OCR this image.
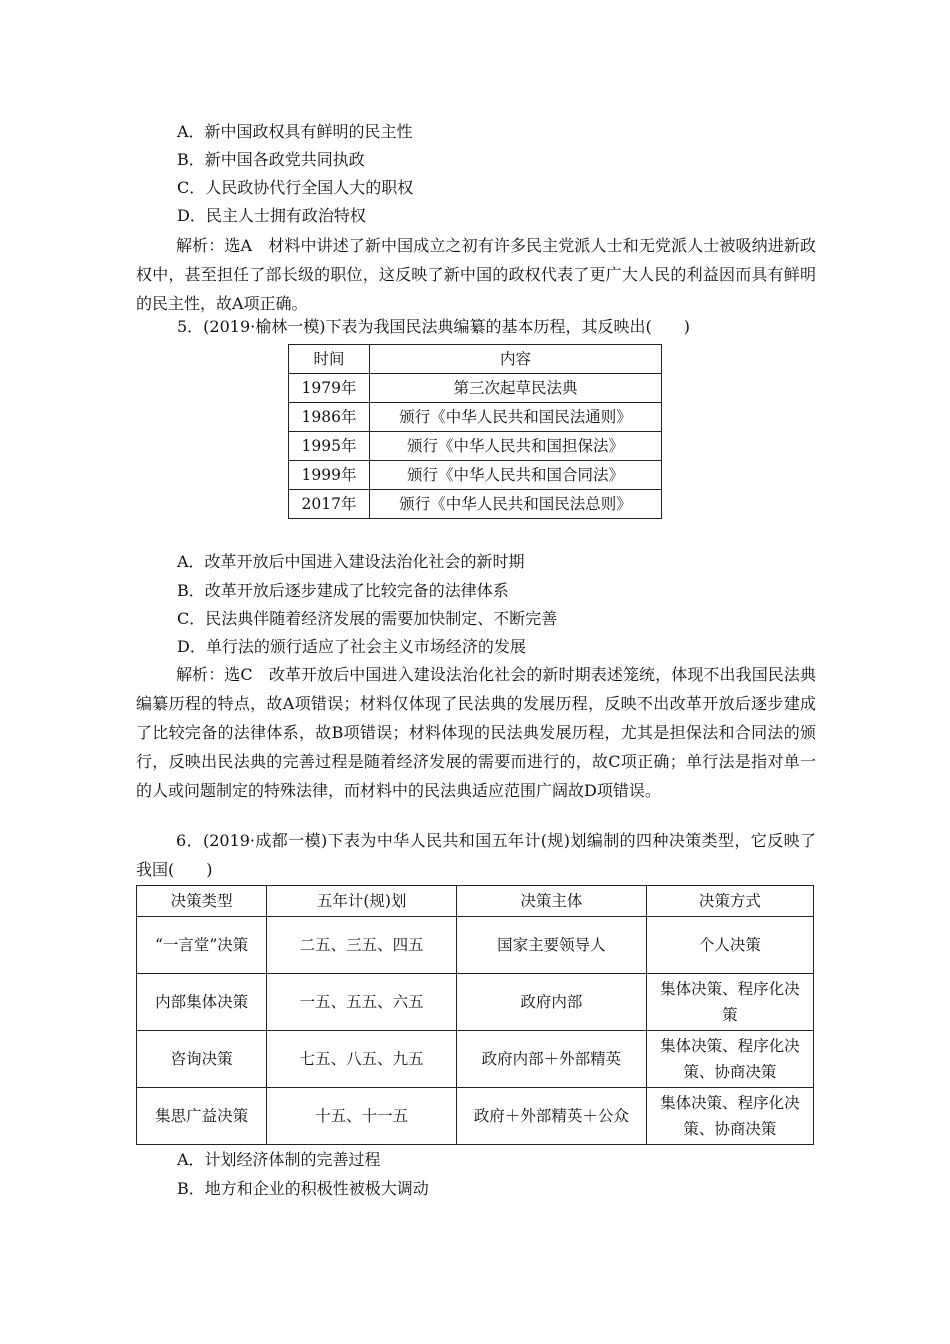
A．新中国政权具有鲜明的民主性
B．新中国各政党共同执政
C．人民政协代行全国人大的职权
D．民主人士拥有政治特权
解析：选A　材料中讲述了新中国成立之初有许多民主党派人士和无党派人士被吸纳进新政权中，甚至担任了部长级的职位，这反映了新中国的政权代表了更广大人民的利益因而具有鲜明的民主性，故A项正确。
5．(2019·榆林一模)下表为我国民法典编纂的基本历程，其反映出(　　)
时间	内容
1979年	第三次起草民法典
1986年	颁行《中华人民共和国民法通则》
1995年	颁行《中华人民共和国担保法》
1999年	颁行《中华人民共和国合同法》
2017年	颁行《中华人民共和国民法总则》
A．改革开放后中国进入建设法治化社会的新时期
B．改革开放后逐步建成了比较完备的法律体系
C．民法典伴随着经济发展的需要加快制定、不断完善
D．单行法的颁行适应了社会主义市场经济的发展
解析：选C　改革开放后中国进入建设法治化社会的新时期表述笼统，体现不出我国民法典编纂历程的特点，故A项错误；材料仅体现了民法典的发展历程，反映不出改革开放后逐步建成了比较完备的法律体系，故B项错误；材料体现的民法典发展历程，尤其是担保法和合同法的颁行，反映出民法典的完善过程是随着经济发展的需要而进行的，故C项正确；单行法是指对单一的人或问题制定的特殊法律，而材料中的民法典适应范围广阔故D项错误。
6．(2019·成都一模)下表为中华人民共和国五年计(规)划编制的四种决策类型，它反映了我国(　　)
决策类型	五年计(规)划	决策主体	决策方式
“一言堂”决策	二五、三五、四五	国家主要领导人	个人决策
内部集体决策	一五、五五、六五	政府内部	集体决策、程序化决策
咨询决策	七五、八五、九五	政府内部＋外部精英	集体决策、程序化决策、协商决策
集思广益决策	十五、十一五	政府＋外部精英＋公众	集体决策、程序化决策、协商决策
A．计划经济体制的完善过程
B．地方和企业的积极性被极大调动
